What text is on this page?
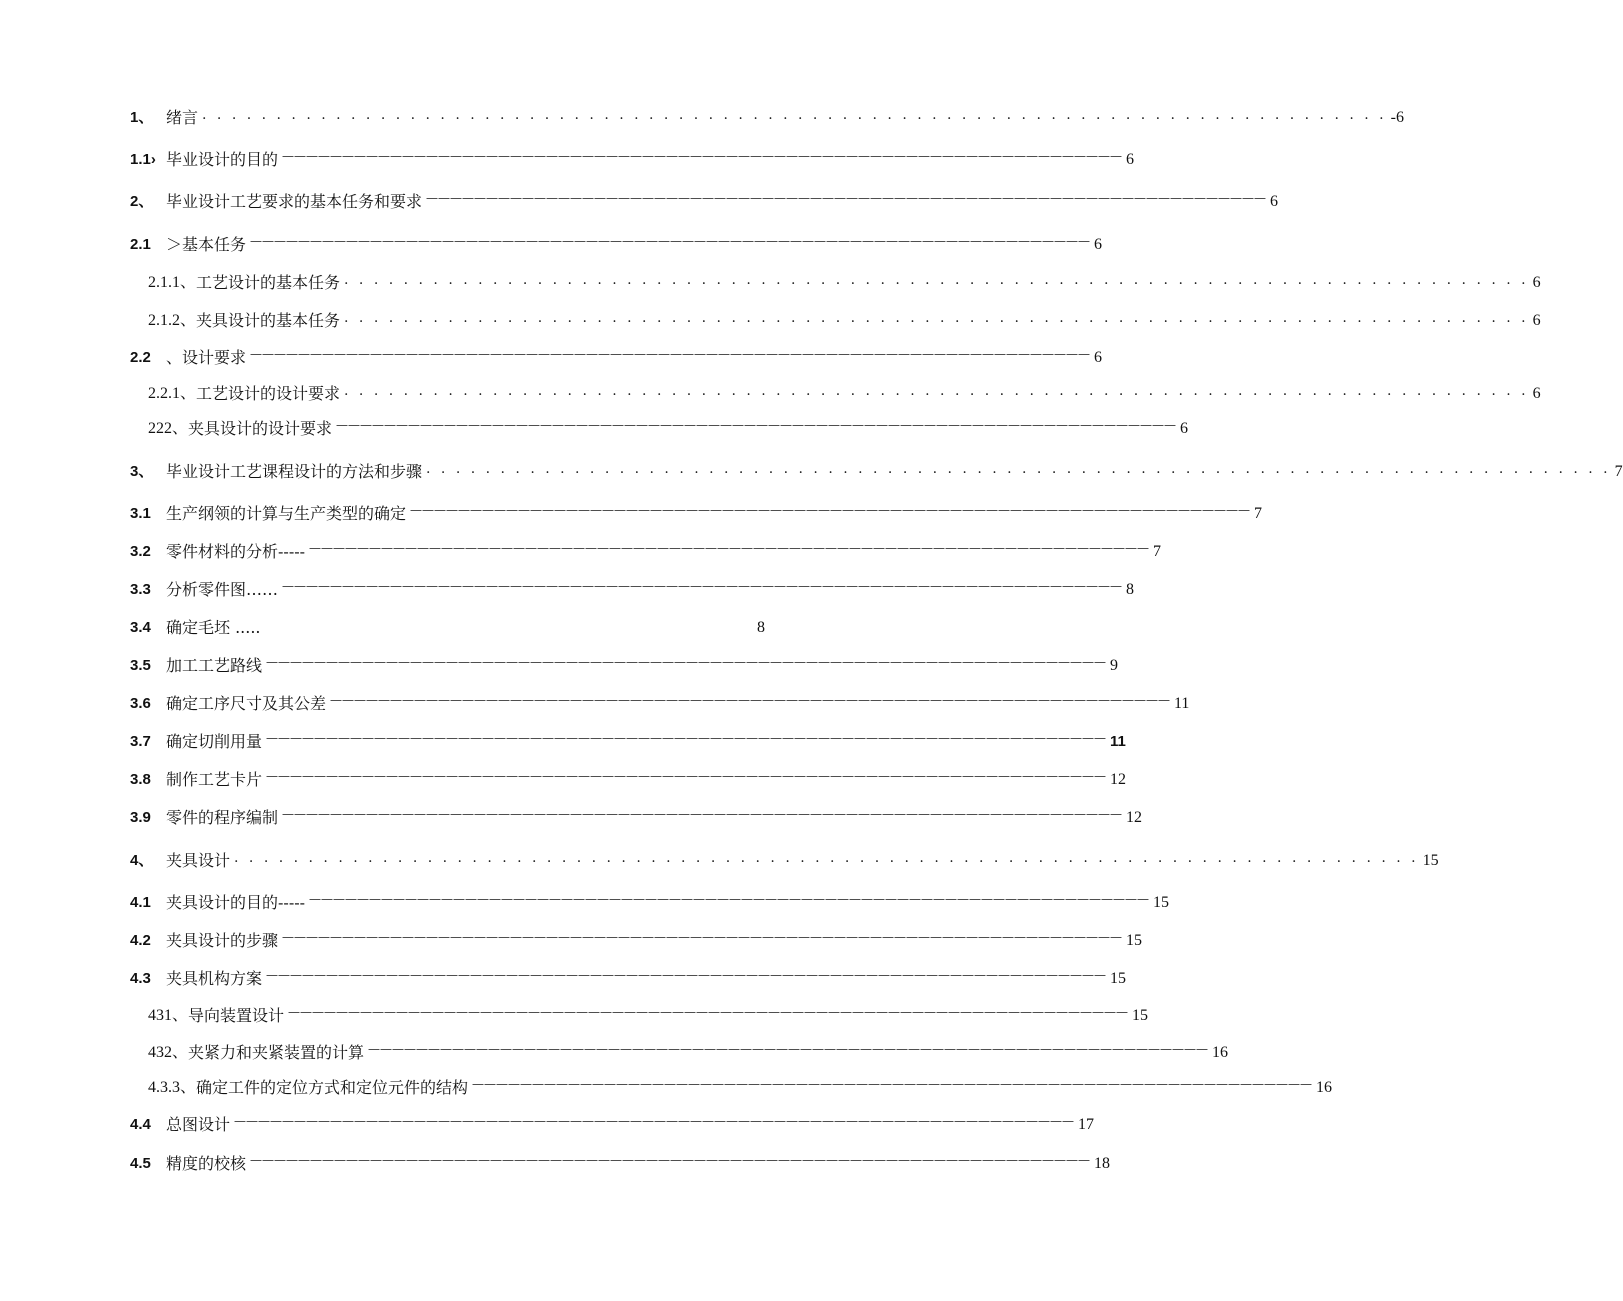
1、 绪言 . . . . . . . . . . . . . . . . . . . . . . . . . . . . . . . . . . . . . . . . . . . . . . . . . . . . . . . . . . . . . . . . . . . . . . . . . . . . . . . . -6
1.1› 毕业设计的目的 —————————————————————————————————————————————————————————————————————— 6
2、 毕业设计工艺要求的基本任务和要求 —————————————————————————————————————————————————————————————————————— 6
2.1 ＞基本任务 —————————————————————————————————————————————————————————————————————— 6
2.1.1、 工艺设计的基本任务 . . . . . . . . . . . . . . . . . . . . . . . . . . . . . . . . . . . . . . . . . . . . . . . . . . . . . . . . . . . . . . . . . . . . . . . . . . . . . . . . 6
2.1.2、 夹具设计的基本任务 . . . . . . . . . . . . . . . . . . . . . . . . . . . . . . . . . . . . . . . . . . . . . . . . . . . . . . . . . . . . . . . . . . . . . . . . . . . . . . . . 6
2.2 、设计要求 —————————————————————————————————————————————————————————————————————— 6
2.2.1、 工艺设计的设计要求 . . . . . . . . . . . . . . . . . . . . . . . . . . . . . . . . . . . . . . . . . . . . . . . . . . . . . . . . . . . . . . . . . . . . . . . . . . . . . . . . 6
222、 夹具设计的设计要求 —————————————————————————————————————————————————————————————————————— 6
3、 毕业设计工艺课程设计的方法和步骤 . . . . . . . . . . . . . . . . . . . . . . . . . . . . . . . . . . . . . . . . . . . . . . . . . . . . . . . . . . . . . . . . . . . . . . . . . . . . . . . . 7
3.1 生产纲领的计算与生产类型的确定 —————————————————————————————————————————————————————————————————————— 7
3.2 零件材料的分析----- —————————————————————————————————————————————————————————————————————— 7
3.3 分析零件图…… —————————————————————————————————————————————————————————————————————— 8
3.4 确定毛坯 .....	8
3.5 加工工艺路线 —————————————————————————————————————————————————————————————————————— 9
3.6 确定工序尺寸及其公差 —————————————————————————————————————————————————————————————————————— 11
3.7 确定切削用量 —————————————————————————————————————————————————————————————————————— 11
3.8 制作工艺卡片 —————————————————————————————————————————————————————————————————————— 12
3.9 零件的程序编制 —————————————————————————————————————————————————————————————————————— 12
4、 夹具设计 . . . . . . . . . . . . . . . . . . . . . . . . . . . . . . . . . . . . . . . . . . . . . . . . . . . . . . . . . . . . . . . . . . . . . . . . . . . . . . . . 15
4.1 夹具设计的目的----- —————————————————————————————————————————————————————————————————————— 15
4.2 夹具设计的步骤 —————————————————————————————————————————————————————————————————————— 15
4.3 夹具机构方案 —————————————————————————————————————————————————————————————————————— 15
431、 导向装置设计 —————————————————————————————————————————————————————————————————————— 15
432、 夹紧力和夹紧装置的计算 —————————————————————————————————————————————————————————————————————— 16
4.3.3、 确定工件的定位方式和定位元件的结构 —————————————————————————————————————————————————————————————————————— 16
4.4 总图设计 —————————————————————————————————————————————————————————————————————— 17
4.5 精度的校核 —————————————————————————————————————————————————————————————————————— 18
